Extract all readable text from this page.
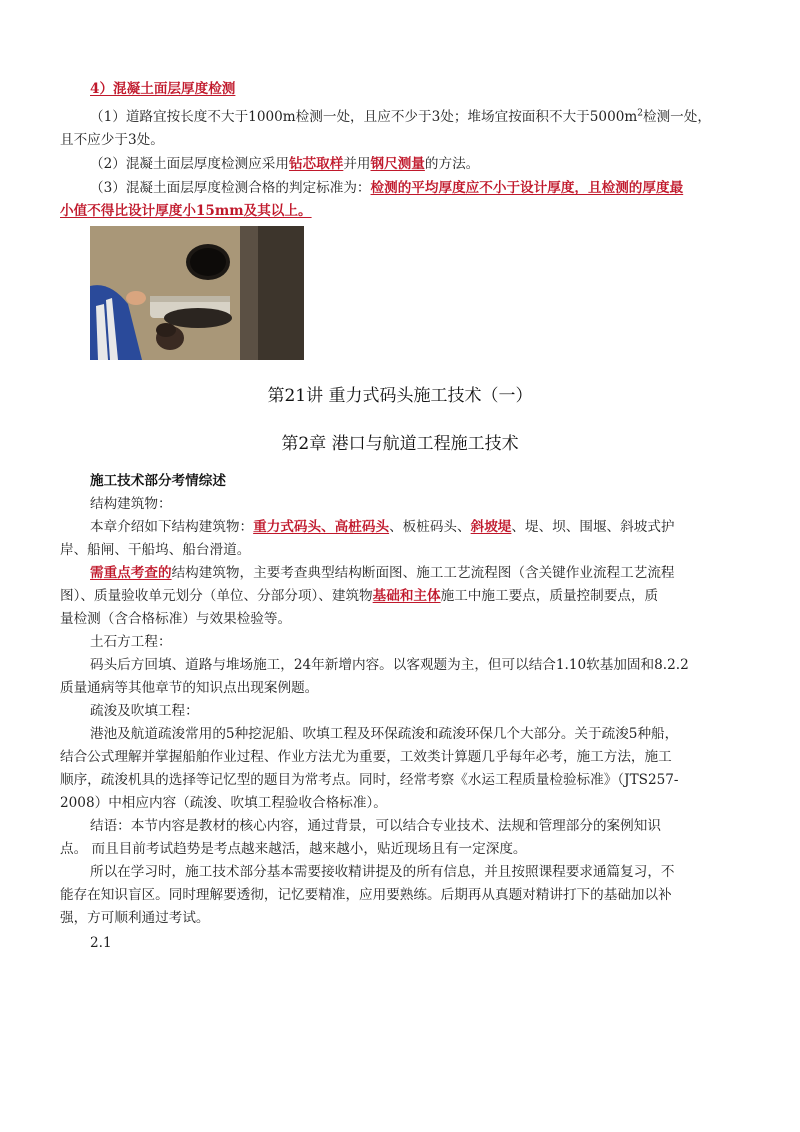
4）混凝土面层厚度检测
（1）道路宜按长度不大于1000m检测一处，且应不少于3处；堆场宜按面积不大于$5000m^2$检测一处，
且不应少于3处。
（2）混凝土面层厚度检测应采用钻芯取样并用钢尺测量的方法。
（3）混凝土面层厚度检测合格的判定标准为：检测的平均厚度应不小于设计厚度，且检测的厚度最
小值不得比设计厚度小15mm及其以上。
第21讲 重力式码头施工技术（一）
第2章 港口与航道工程施工技术
施工技术部分考情综述
结构建筑物：
本章介绍如下结构建筑物：重力式码头、高桩码头、板桩码头、斜坡堤、堤、坝、围堰、斜坡式护
岸、船闸、干船坞、船台滑道。
需重点考查的结构建筑物，主要考查典型结构断面图、施工工艺流程图（含关键作业流程工艺流程
图）、质量验收单元划分（单位、分部分项）、建筑物基础和主体施工中施工要点，质量控制要点，质
量检测（含合格标准）与效果检验等。
土石方工程：
码头后方回填、道路与堆场施工，24年新增内容。以客观题为主，但可以结合1.10软基加固和8.2.2
质量通病等其他章节的知识点出现案例题。
疏浚及吹填工程：
港池及航道疏浚常用的5种挖泥船、吹填工程及环保疏浚和疏浚环保几个大部分。关于疏浚5种船，
结合公式理解并掌握船舶作业过程、作业方法尤为重要，工效类计算题几乎每年必考，施工方法，施工
顺序，疏浚机具的选择等记忆型的题目为常考点。同时，经常考察《水运工程质量检验标准》（JTS257-
2008）中相应内容（疏浚、吹填工程验收合格标准）。
结语：本节内容是教材的核心内容，通过背景，可以结合专业技术、法规和管理部分的案例知识
点。 而且目前考试趋势是考点越来越活，越来越小，贴近现场且有一定深度。
所以在学习时，施工技术部分基本需要接收精讲提及的所有信息，并且按照课程要求通篇复习，不
能存在知识盲区。同时理解要透彻，记忆要精准，应用要熟练。后期再从真题对精讲打下的基础加以补
强，方可顺利通过考试。
2.1
